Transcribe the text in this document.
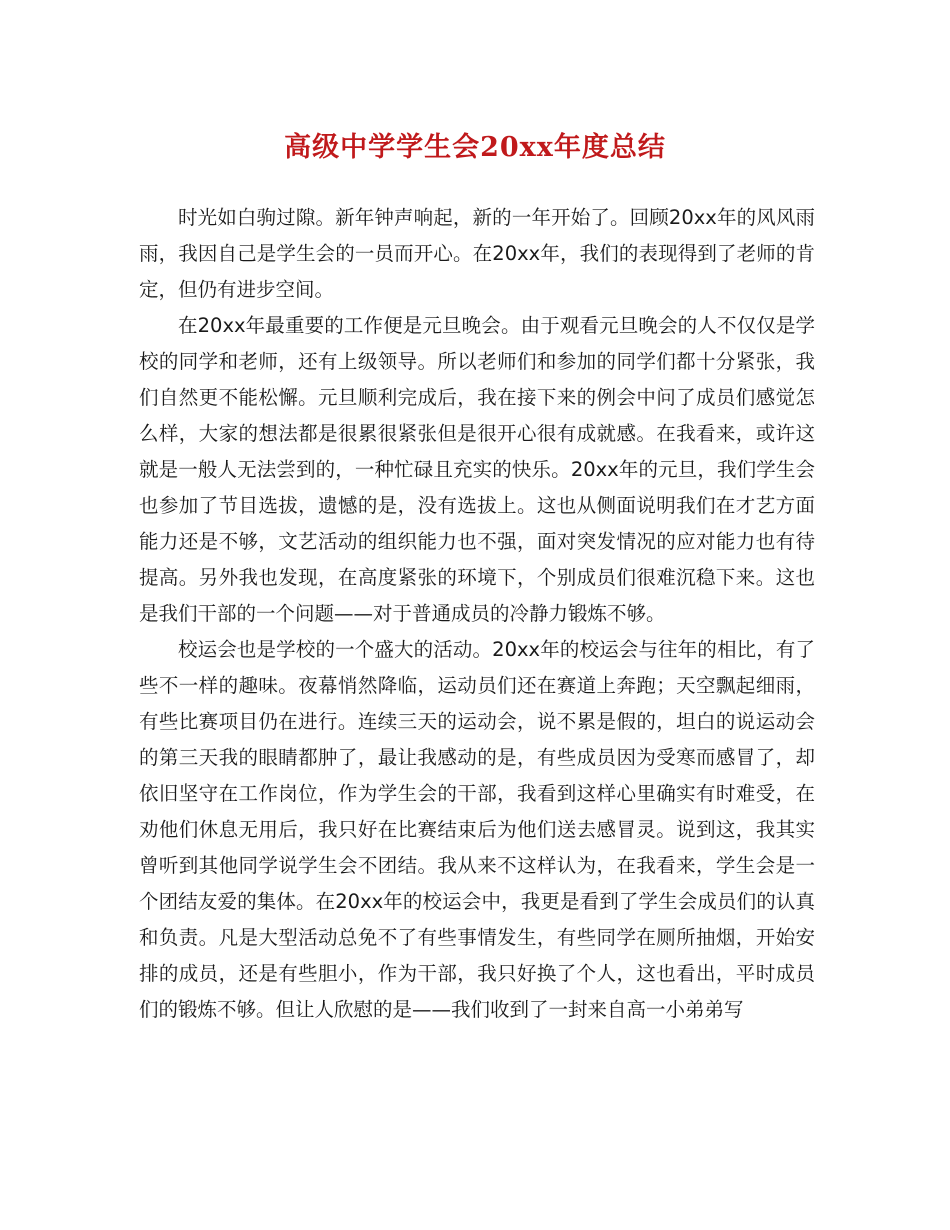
高级中学学生会20xx年度总结

时光如白驹过隙。新年钟声响起，新的一年开始了。回顾20xx年的风风雨雨，我因自己是学生会的一员而开心。在20xx年，我们的表现得到了老师的肯定，但仍有进步空间。

在20xx年最重要的工作便是元旦晚会。由于观看元旦晚会的人不仅仅是学校的同学和老师，还有上级领导。所以老师们和参加的同学们都十分紧张，我们自然更不能松懈。元旦顺利完成后，我在接下来的例会中问了成员们感觉怎么样，大家的想法都是很累很紧张但是很开心很有成就感。在我看来，或许这就是一般人无法尝到的，一种忙碌且充实的快乐。20xx年的元旦，我们学生会也参加了节目选拔，遗憾的是，没有选拔上。这也从侧面说明我们在才艺方面能力还是不够，文艺活动的组织能力也不强，面对突发情况的应对能力也有待提高。另外我也发现，在高度紧张的环境下，个别成员们很难沉稳下来。这也是我们干部的一个问题——对于普通成员的冷静力锻炼不够。

校运会也是学校的一个盛大的活动。20xx年的校运会与往年的相比，有了些不一样的趣味。夜幕悄然降临，运动员们还在赛道上奔跑；天空飘起细雨，有些比赛项目仍在进行。连续三天的运动会，说不累是假的，坦白的说运动会的第三天我的眼睛都肿了，最让我感动的是，有些成员因为受寒而感冒了，却依旧坚守在工作岗位，作为学生会的干部，我看到这样心里确实有时难受，在劝他们休息无用后，我只好在比赛结束后为他们送去感冒灵。说到这，我其实曾听到其他同学说学生会不团结。我从来不这样认为，在我看来，学生会是一个团结友爱的集体。在20xx年的校运会中，我更是看到了学生会成员们的认真和负责。凡是大型活动总免不了有些事情发生，有些同学在厕所抽烟，开始安排的成员，还是有些胆小，作为干部，我只好换了个人，这也看出，平时成员们的锻炼不够。但让人欣慰的是——我们收到了一封来自高一小弟弟写
